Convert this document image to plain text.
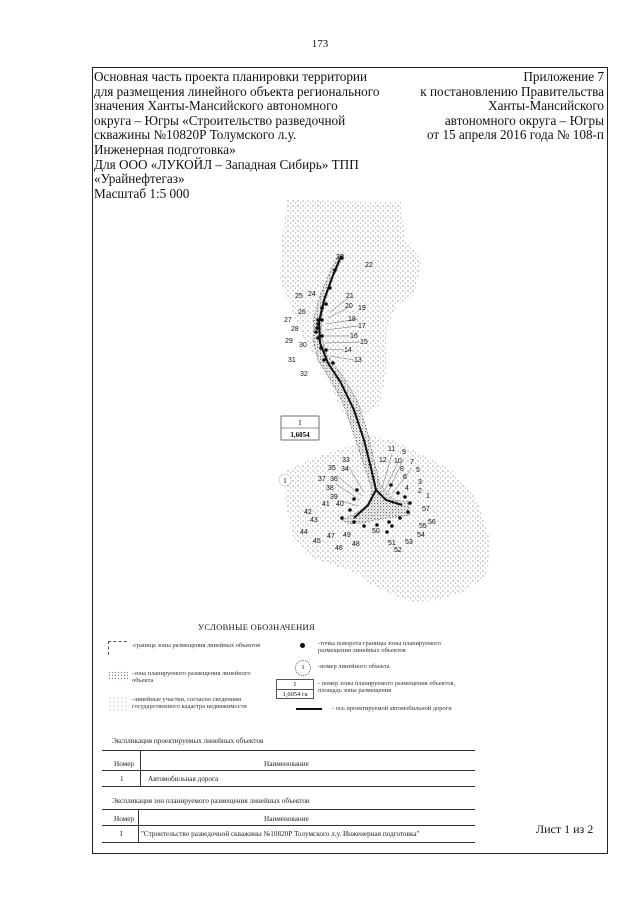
173
Основная часть проекта планировки территории
для размещения линейного объекта регионального
значения Ханты-Мансийского автономного
округа – Югры «Строительство разведочной
скважины №10820Р Толумского л.у.
Инженерная подготовка»
Для ООО «ЛУКОЙЛ – Западная Сибирь» ТПП
«Урайнефтегаз»
Масштаб 1:5 000
Приложение 7
к постановлению Правительства
Ханты-Мансийского
автономного округа – Югры
от 15 апреля 2016 года № 108-п
23
22
25 24	21
20 19
26
18
27
17
28
16
15
29
30
14
31	13
32
11 9
33	12 10 7
35 34	8 5
37 36	6
3
38	4 2
1
39
41 40
57
42
43	56
55
44	50
54
47 49
45	53
51
48
46	52
I
1,6054
1
УСЛОВНЫЕ ОБОЗНАЧЕНИЯ
-граница зоны размещения линейных объектов
-зона планируемого размещения линейного объекта
-линейные участки, согласно сведениям государственного кадастра недвижимости
-точка поворота границы зоны планируемого размещения линейных объектов
1	-номер линейного объекта
I
1,6054 га
- номер зоны планируемого размещения объектов, площадь зоны размещения
- ось проектируемой автомобильной дороги
Экспликация проектируемых линейных объектов
Номер	Наименование
1	Автомобильная дорога
Экспликация зон планируемого размещения линейных объектов
Номер	Наименование
I	"Строительство разведочной скважины №10820Р Толумского л.у. Инженерная подготовка"	Лист 1 из 2
